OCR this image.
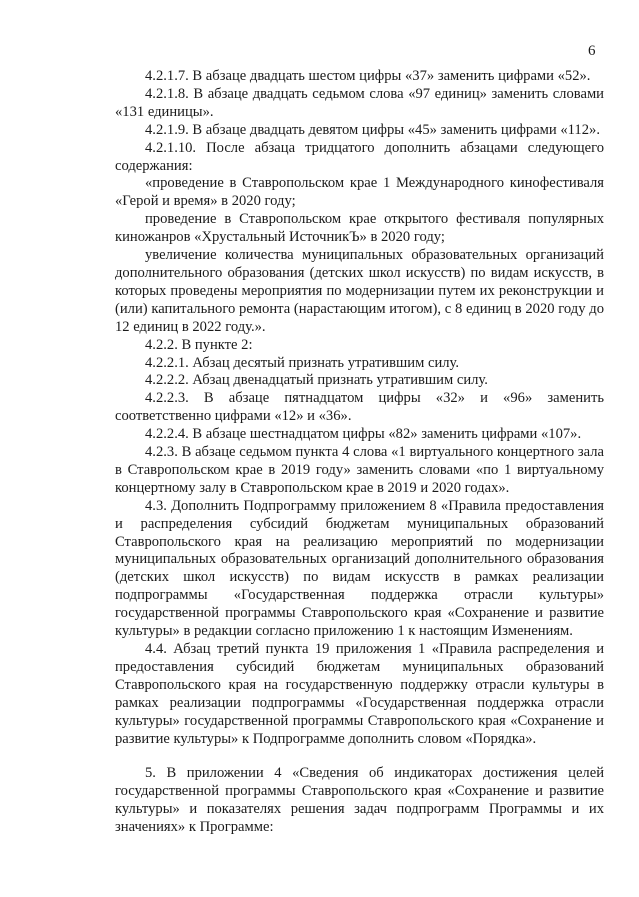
6

4.2.1.7. В абзаце двадцать шестом цифры «37» заменить цифрами «52».

4.2.1.8. В абзаце двадцать седьмом слова «97 единиц» заменить словами «131 единицы».

4.2.1.9. В абзаце двадцать девятом цифры «45» заменить цифрами «112».

4.2.1.10. После абзаца тридцатого дополнить абзацами следующего содержания:

«проведение в Ставропольском крае 1 Международного кинофестиваля «Герой и время» в 2020 году;

проведение в Ставропольском крае открытого фестиваля популярных киножанров «Хрустальный ИсточникЪ» в 2020 году;

увеличение количества муниципальных образовательных организаций дополнительного образования (детских школ искусств) по видам искусств, в которых проведены мероприятия по модернизации путем их реконструкции и (или) капитального ремонта (нарастающим итогом), с 8 единиц в 2020 году до 12 единиц в 2022 году.».

4.2.2. В пункте 2:

4.2.2.1. Абзац десятый признать утратившим силу.

4.2.2.2. Абзац двенадцатый признать утратившим силу.

4.2.2.3. В абзаце пятнадцатом цифры «32» и «96» заменить соответственно цифрами «12» и «36».

4.2.2.4. В абзаце шестнадцатом цифры «82» заменить цифрами «107».

4.2.3. В абзаце седьмом пункта 4 слова «1 виртуального концертного зала в Ставропольском крае в 2019 году» заменить словами «по 1 виртуальному концертному залу в Ставропольском крае в 2019 и 2020 годах».

4.3. Дополнить Подпрограмму приложением 8 «Правила предоставления и распределения субсидий бюджетам муниципальных образований Ставропольского края на реализацию мероприятий по модернизации муниципальных образовательных организаций дополнительного образования (детских школ искусств) по видам искусств в рамках реализации подпрограммы «Государственная поддержка отрасли культуры» государственной программы Ставропольского края «Сохранение и развитие культуры» в редакции согласно приложению 1 к настоящим Изменениям.

4.4. Абзац третий пункта 19 приложения 1 «Правила распределения и предоставления субсидий бюджетам муниципальных образований Ставропольского края на государственную поддержку отрасли культуры в рамках реализации подпрограммы «Государственная поддержка отрасли культуры» государственной программы Ставропольского края «Сохранение и развитие культуры» к Подпрограмме дополнить словом «Порядка».

5. В приложении 4 «Сведения об индикаторах достижения целей государственной программы Ставропольского края «Сохранение и развитие культуры» и показателях решения задач подпрограмм Программы и их значениях» к Программе:
